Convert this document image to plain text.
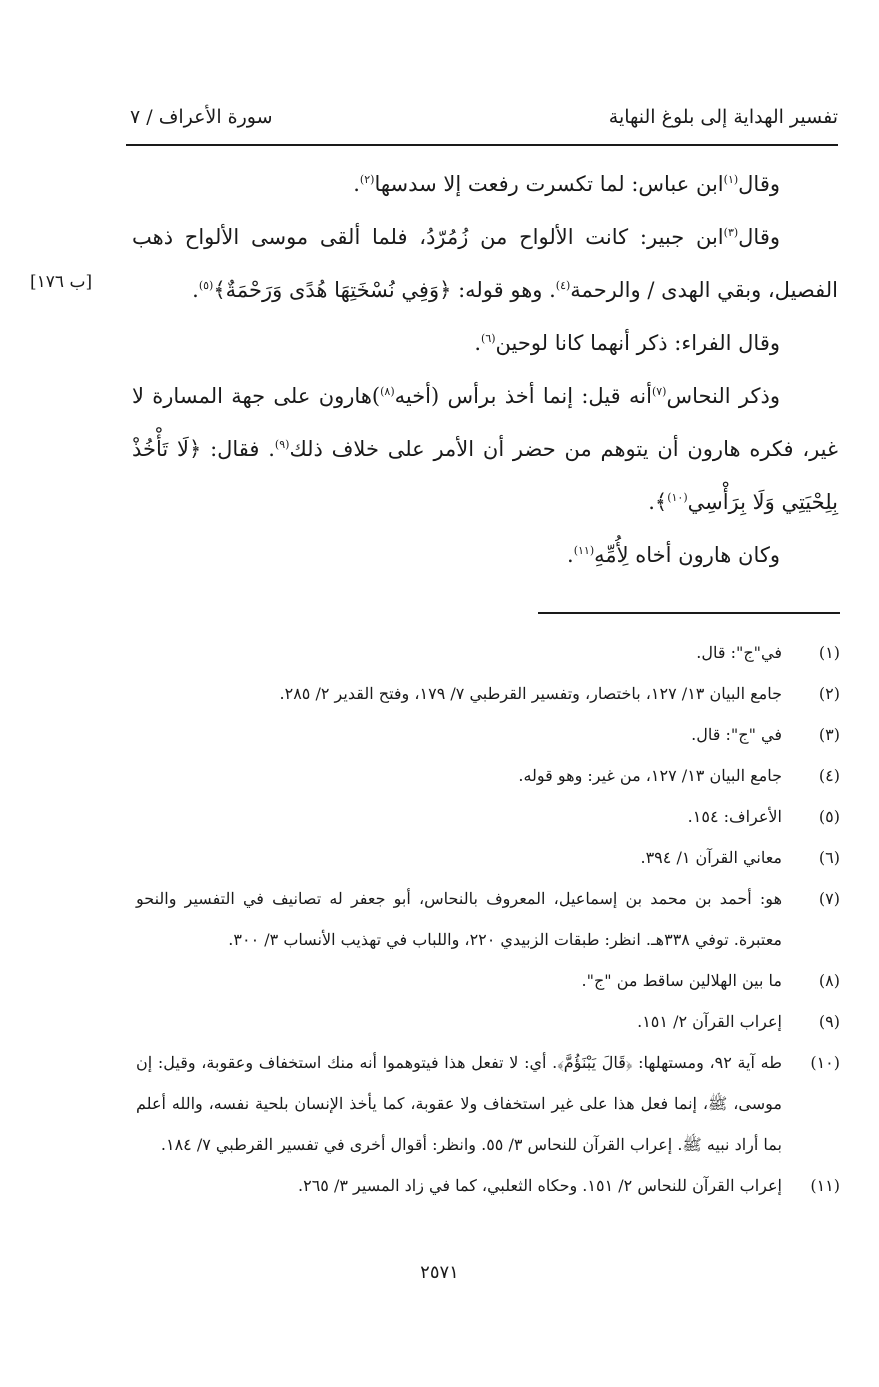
تفسير الهداية إلى بلوغ النهاية
سورة الأعراف / ٧
[ب ١٧٦]

وقال$^{(١)}$ابن عباس: لما تكسرت رفعت إلا سدسها$^{(٢)}$.

وقال$^{(٣)}$ابن جبير: كانت الألواح من زُمُرّدُ، فلما ألقى موسى الألواح ذهب الفصيل، وبقي الهدى / والرحمة$^{(٤)}$. وهو قوله: ﴿وَفِي نُسْخَتِهَا هُدًى وَرَحْمَةٌ﴾$^{(٥)}$.

وقال الفراء: ذكر أنهما كانا لوحين$^{(٦)}$.

وذكر النحاس$^{(٧)}$أنه قيل: إنما أخذ برأس (أخيه$^{(٨)}$)هارون على جهة المسارة لا غير، فكره هارون أن يتوهم من حضر أن الأمر على خلاف ذلك$^{(٩)}$. فقال: ﴿لَا تَأْخُذْ بِلِحْيَتِي وَلَا بِرَأْسِي$^{(١٠)}$﴾.

وكان هارون أخاه لِأُمِّهِ$^{(١١)}$.

(١)
في"ج": قال.
(٢)
جامع البيان ١٣/ ١٢٧، باختصار، وتفسير القرطبي ٧/ ١٧٩، وفتح القدير ٢/ ٢٨٥.
(٣)
في "ج": قال.
(٤)
جامع البيان ١٣/ ١٢٧، من غير: وهو قوله.
(٥)
الأعراف: ١٥٤.
(٦)
معاني القرآن ١/ ٣٩٤.
(٧)
هو: أحمد بن محمد بن إسماعيل، المعروف بالنحاس، أبو جعفر له تصانيف في التفسير والنحو معتبرة. توفي ٣٣٨هـ. انظر: طبقات الزبيدي ٢٢٠، واللباب في تهذيب الأنساب ٣/ ٣٠٠.
(٨)
ما بين الهلالين ساقط من "ج".
(٩)
إعراب القرآن ٢/ ١٥١.
(١٠)
طه آية ٩٢، ومستهلها: ﴿قَالَ يَبْنَؤُمَّ﴾. أي: لا تفعل هذا فيتوهموا أنه منك استخفاف وعقوبة، وقيل: إن موسى، ﷺ، إنما فعل هذا على غير استخفاف ولا عقوبة، كما يأخذ الإنسان بلحية نفسه، والله أعلم بما أراد نبيه ﷺ. إعراب القرآن للنحاس ٣/ ٥٥. وانظر: أقوال أخرى في تفسير القرطبي ٧/ ١٨٤.
(١١)
إعراب القرآن للنحاس ٢/ ١٥١. وحكاه الثعلبي، كما في زاد المسير ٣/ ٢٦٥.
٢٥٧١
